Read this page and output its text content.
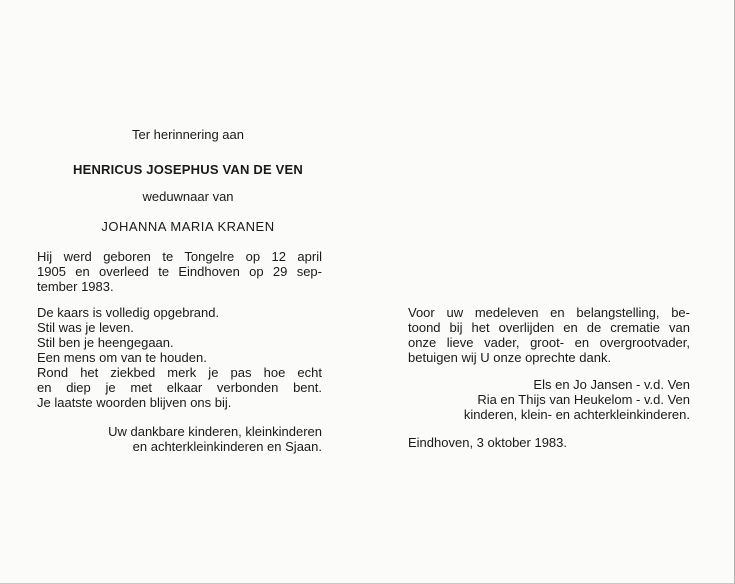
Ter herinnering aan
HENRICUS JOSEPHUS VAN DE VEN
weduwnaar van
JOHANNA MARIA KRANEN
Hij werd geboren te Tongelre op 12 april
1905 en overleed te Eindhoven op 29 sep-
tember 1983.
De kaars is volledig opgebrand.
Stil was je leven.
Stil ben je heengegaan.
Een mens om van te houden.
Rond het ziekbed merk je pas hoe echt
en diep je met elkaar verbonden bent.
Je laatste woorden blijven ons bij.
Uw dankbare kinderen, kleinkinderen
en achterkleinkinderen en Sjaan.
Voor uw medeleven en belangstelling, be-
toond bij het overlijden en de crematie van
onze lieve vader, groot- en overgrootvader,
betuigen wij U onze oprechte dank.
Els en Jo Jansen - v.d. Ven
Ria en Thijs van Heukelom - v.d. Ven
kinderen, klein- en achterkleinkinderen.
Eindhoven, 3 oktober 1983.
